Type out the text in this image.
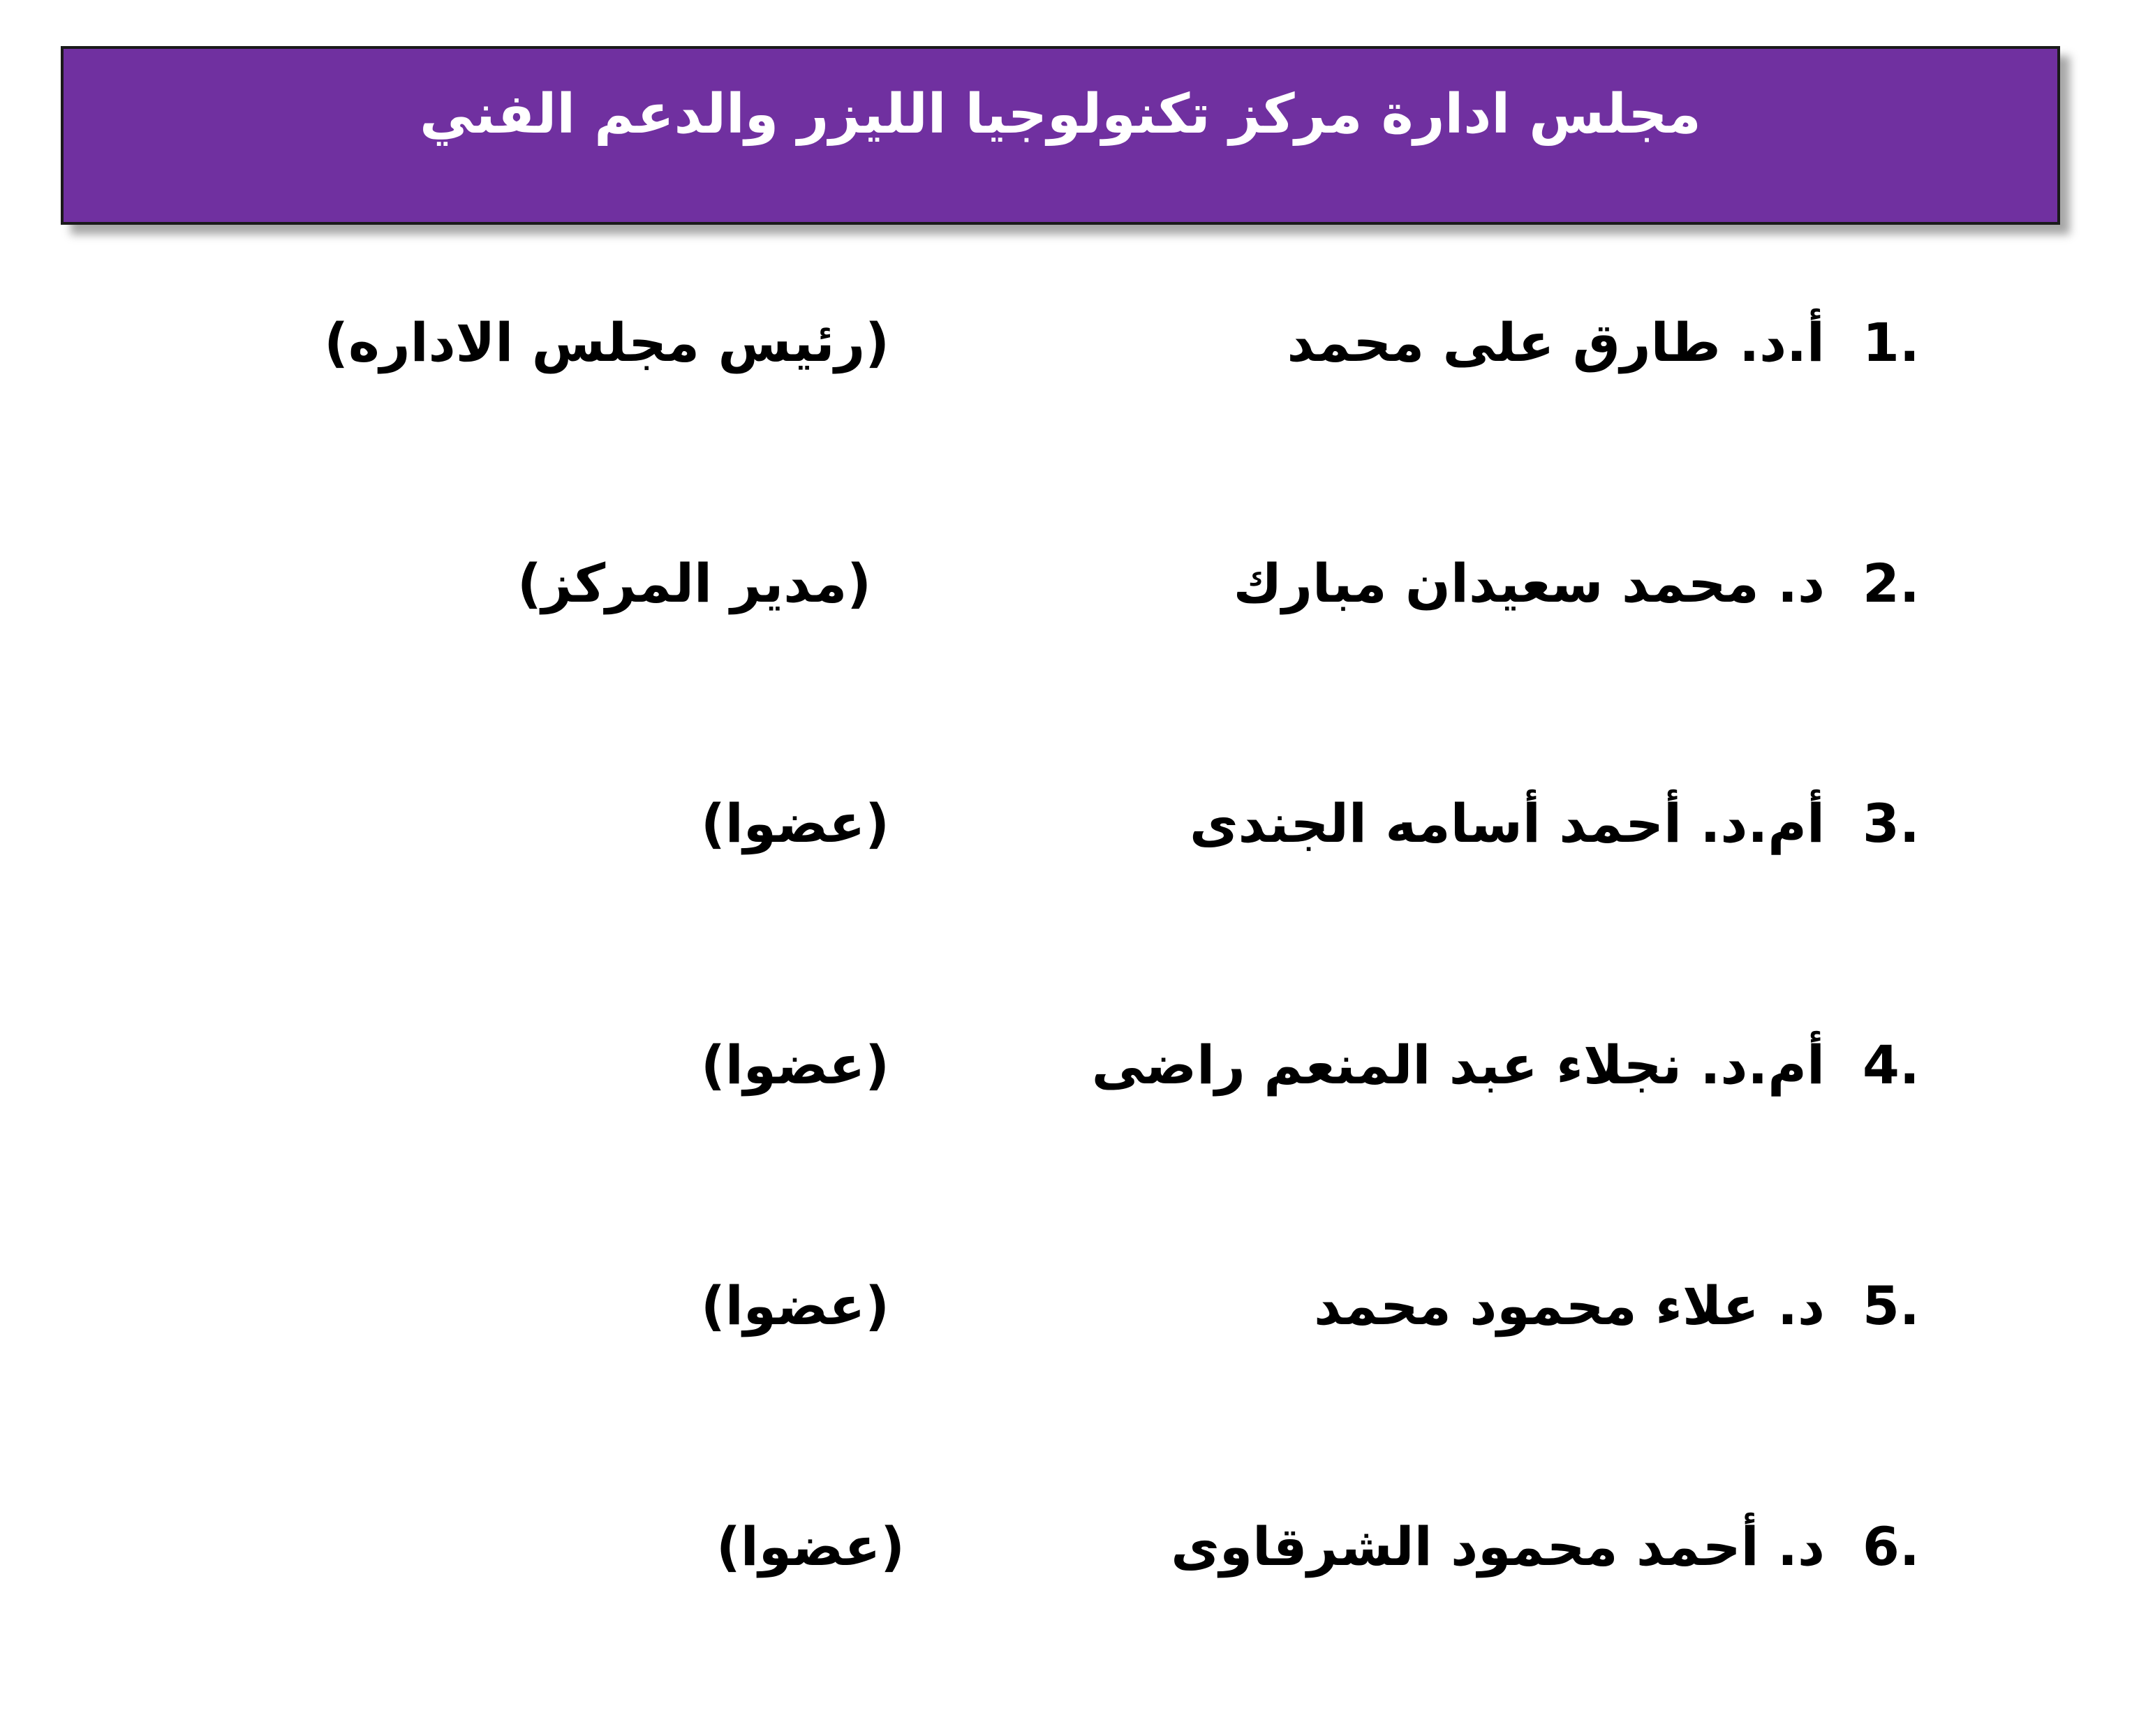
مجلس ادارة مركز تكنولوجيا الليزر والدعم الفني
1.
أ.د. طارق على محمد
(رئيس مجلس الاداره)
2.
د. محمد سعيدان مبارك
(مدير المركز)
3.
أم.د. أحمد أسامه الجندى
(عضوا)
4.
أم.د. نجلاء عبد المنعم راضى
(عضوا)
5.
د. علاء محمود محمد
(عضوا)
6.
د. أحمد محمود الشرقاوى
(عضوا)
